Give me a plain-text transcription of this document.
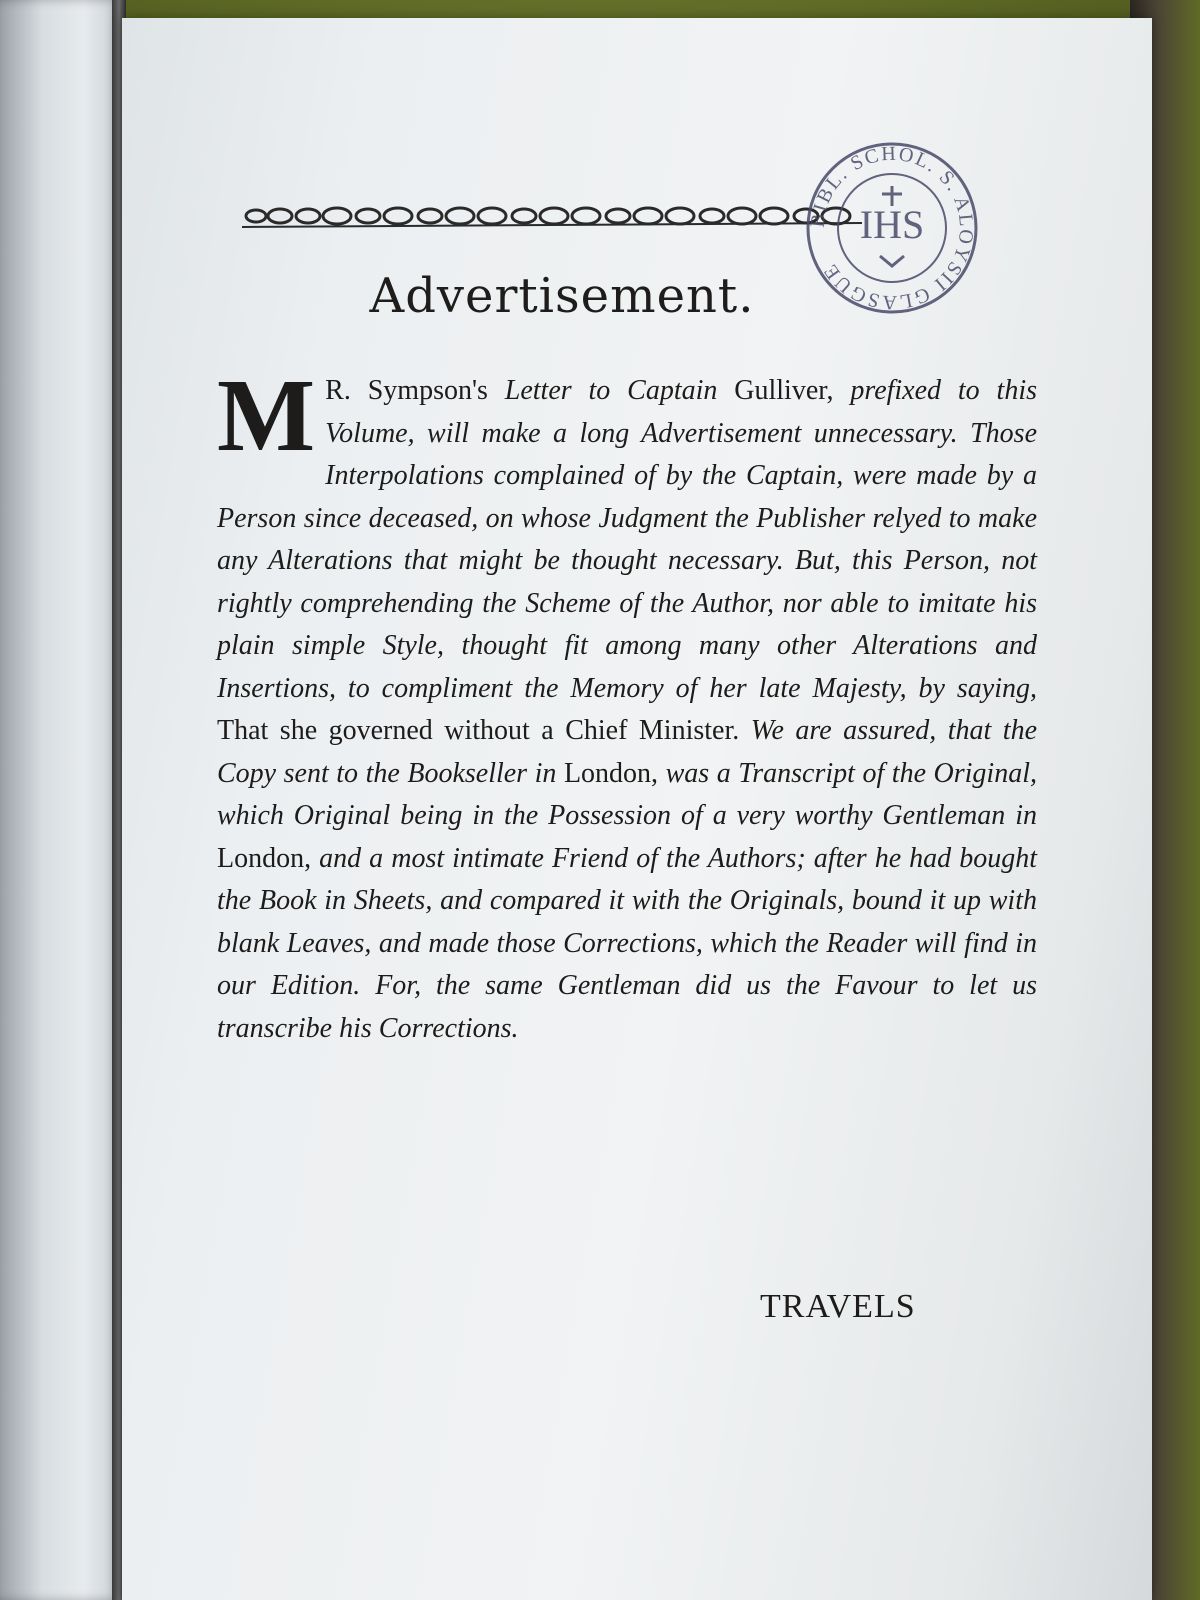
BIBL. SCHOL. S. ALOYSII GLASGUE
IHS
Advertisement.
M R. Sympson's Letter to Captain Gulliver, prefixed to this Volume, will make a long Advertisement unnecessary. Those Interpolations complained of by the Captain, were made by a Person since deceased, on whose Judgment the Publisher relyed to make any Alterations that might be thought necessary. But, this Person, not rightly comprehending the Scheme of the Author, nor able to imitate his plain simple Style, thought fit among many other Alterations and Insertions, to compliment the Memory of her late Majesty, by saying, That she governed without a Chief Minister. We are assured, that the Copy sent to the Bookseller in London, was a Transcript of the Original, which Original being in the Possession of a very worthy Gentleman in London, and a most intimate Friend of the Authors; after he had bought the Book in Sheets, and compared it with the Originals, bound it up with blank Leaves, and made those Corrections, which the Reader will find in our Edition. For, the same Gentleman did us the Favour to let us transcribe his Corrections.
TRAVELS
